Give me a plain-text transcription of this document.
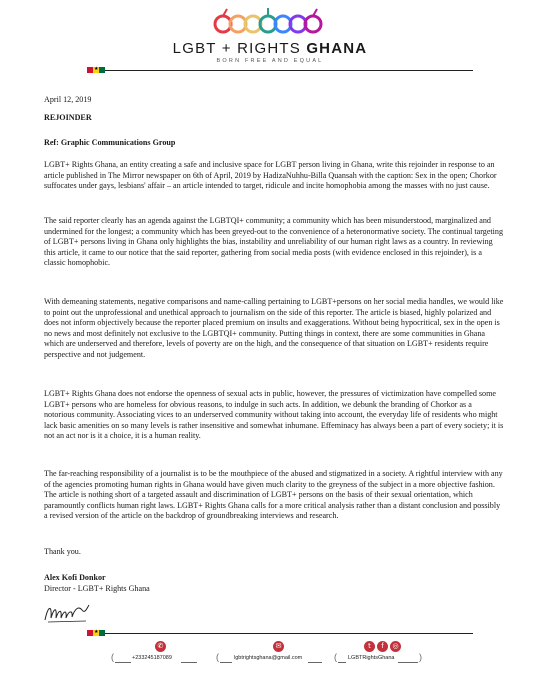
LGBT + RIGHTS GHANA
BORN FREE AND EQUAL
★
April 12, 2019
REJOINDER
Ref: Graphic Communications Group

LGBT+ Rights Ghana, an entity creating a safe and inclusive space for LGBT person living in Ghana, write this rejoinder in response to an article published in The Mirror newspaper on 6th of April, 2019 by HadizaNuhhu-Billa Quansah with the caption: Sex in the open; Chorkor suffocates under gays, lesbians' affair – an article intended to target, ridicule and incite homophobia among the masses with no just cause.

The said reporter clearly has an agenda against the LGBTQI+ community; a community which has been misunderstood, marginalized and undermined for the longest; a community which has been greyed-out to the convenience of a heteronormative society. The continual targeting of LGBT+ persons living in Ghana only highlights the bias, instability and unreliability of our human right laws as a country. In reviewing this article, it came to our notice that the said reporter, gathering from social media posts (with evidence enclosed in this rejoinder), is a classic homophobic.

With demeaning statements, negative comparisons and name-calling pertaining to LGBT+persons on her social media handles, we would like to point out the unprofessional and unethical approach to journalism on the side of this reporter. The article is biased, highly polarized and does not inform objectively because the reporter placed premium on insults and exaggerations. Without being hypocritical, sex in the open is no news and most definitely not exclusive to the LGBTQI+ community. Putting things in context, there are some communities in Ghana which are underserved and therefore, levels of poverty are on the high, and the consequence of that situation on LGBT+ residents require perspective and not judgement.

LGBT+ Rights Ghana does not endorse the openness of sexual acts in public, however, the pressures of victimization have compelled some LGBT+ persons who are homeless for obvious reasons, to indulge in such acts. In addition, we debunk the branding of Chorkor as a notorious community. Associating vices to an underserved community without taking into account, the everyday life of residents who might lack basic amenities on so many levels is rather insensitive and somewhat inhumane. Effeminacy has always been a part of every society; it is not an act nor is it a choice, it is a human reality.

The far-reaching responsibility of a journalist is to be the mouthpiece of the abused and stigmatized in a society. A rightful interview with any of the agencies promoting human rights in Ghana would have given much clarity to the greyness of the subject in a more objective fashion. The article is nothing short of a targeted assault and discrimination of LGBT+ persons on the basis of their sexual orientation, which paramountly conflicts human right laws. LGBT+ Rights Ghana calls for a more critical analysis rather than a distant conclusion and possibly a revised version of the article on the backdrop of groundbreaking interviews and research.

Thank you.
Alex Kofi Donkor
Director - LGBT+ Rights Ghana
★
✆	✉	t	f	◎
(	+233245187089	(	lgbtrightsghana@gmail.com	( LGBTRightsGhana	)
